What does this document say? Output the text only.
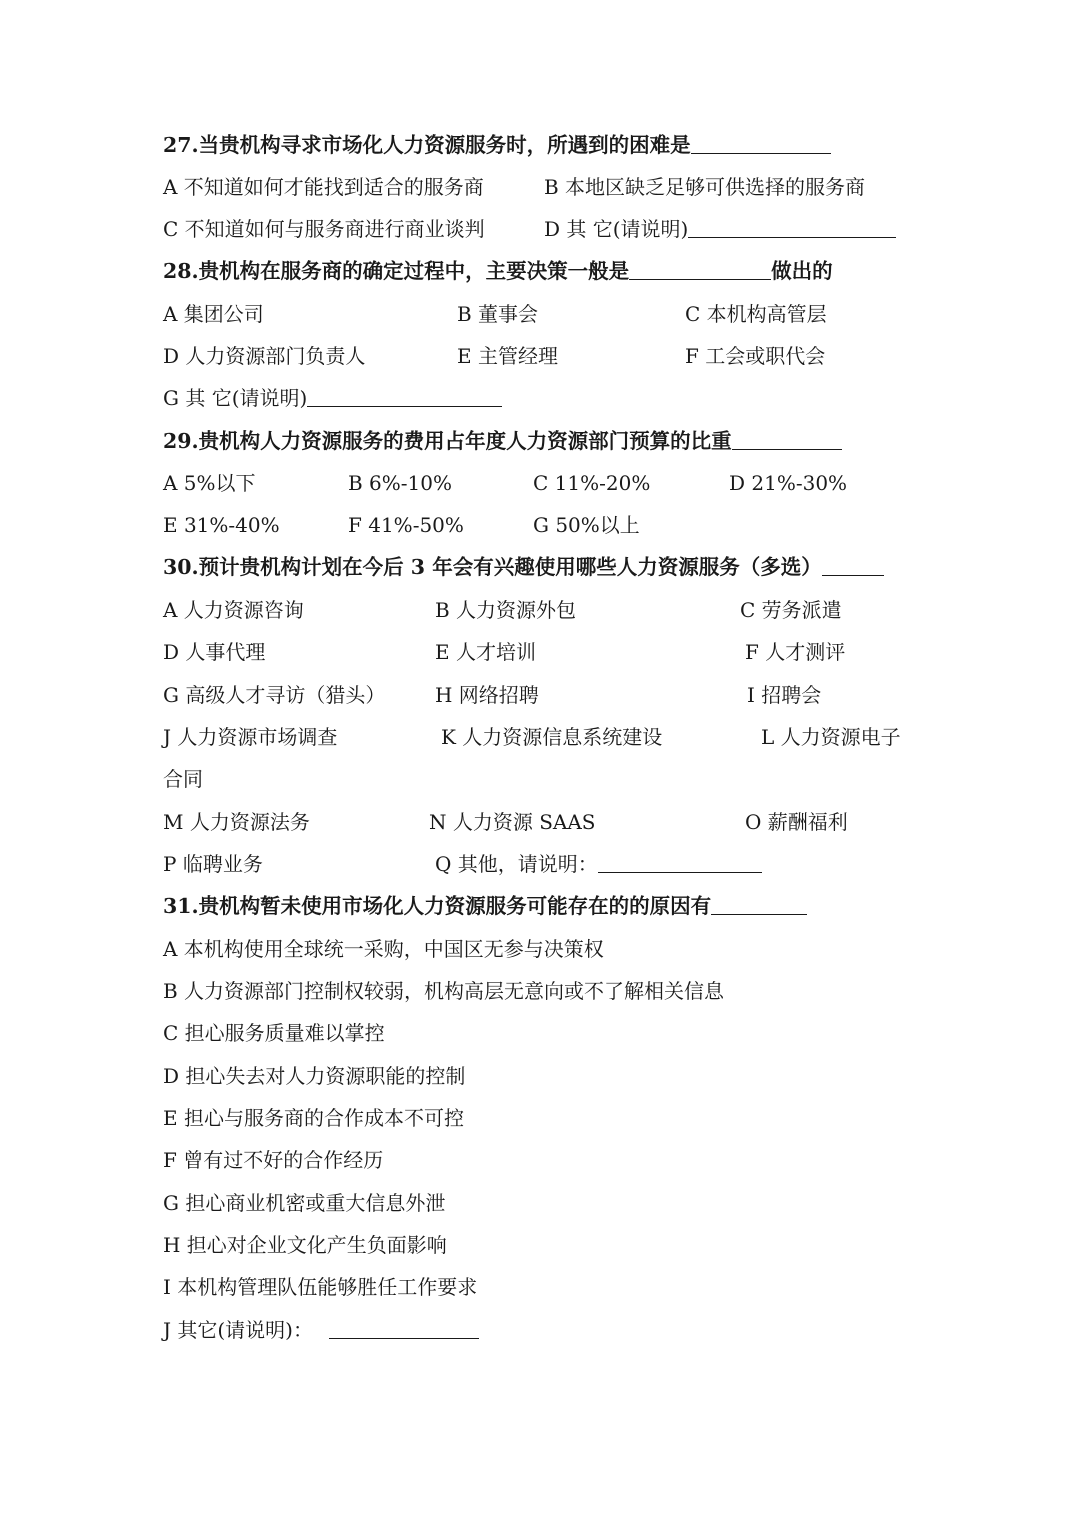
27.当贵机构寻求市场化人力资源服务时，所遇到的困难是
A 不知道如何才能找到适合的服务商	B 本地区缺乏足够可供选择的服务商
C 不知道如何与服务商进行商业谈判	D 其 它(请说明)
28.贵机构在服务商的确定过程中，主要决策一般是	做出的
A 集团公司	B 董事会	C 本机构高管层
D 人力资源部门负责人	E 主管经理	F 工会或职代会
G 其 它(请说明)
29.贵机构人力资源服务的费用占年度人力资源部门预算的比重
A 5%以下	B 6%-10%	C 11%-20%	D 21%-30%
E 31%-40%	F 41%-50%	G 50%以上
30.预计贵机构计划在今后 3 年会有兴趣使用哪些人力资源服务（多选）
A 人力资源咨询	B 人力资源外包	C 劳务派遣
D 人事代理	E 人才培训	F 人才测评
G 高级人才寻访（猎头） H 网络招聘	I 招聘会
J 人力资源市场调查	K 人力资源信息系统建设	L 人力资源电子
合同
M 人力资源法务	N 人力资源 SAAS	O 薪酬福利
P 临聘业务	Q 其他，请说明：
31.贵机构暂未使用市场化人力资源服务可能存在的的原因有
A 本机构使用全球统一采购，中国区无参与决策权
B 人力资源部门控制权较弱，机构高层无意向或不了解相关信息
C 担心服务质量难以掌控
D 担心失去对人力资源职能的控制
E 担心与服务商的合作成本不可控
F 曾有过不好的合作经历
G 担心商业机密或重大信息外泄
H 担心对企业文化产生负面影响
I 本机构管理队伍能够胜任工作要求
J 其它(请说明)：
